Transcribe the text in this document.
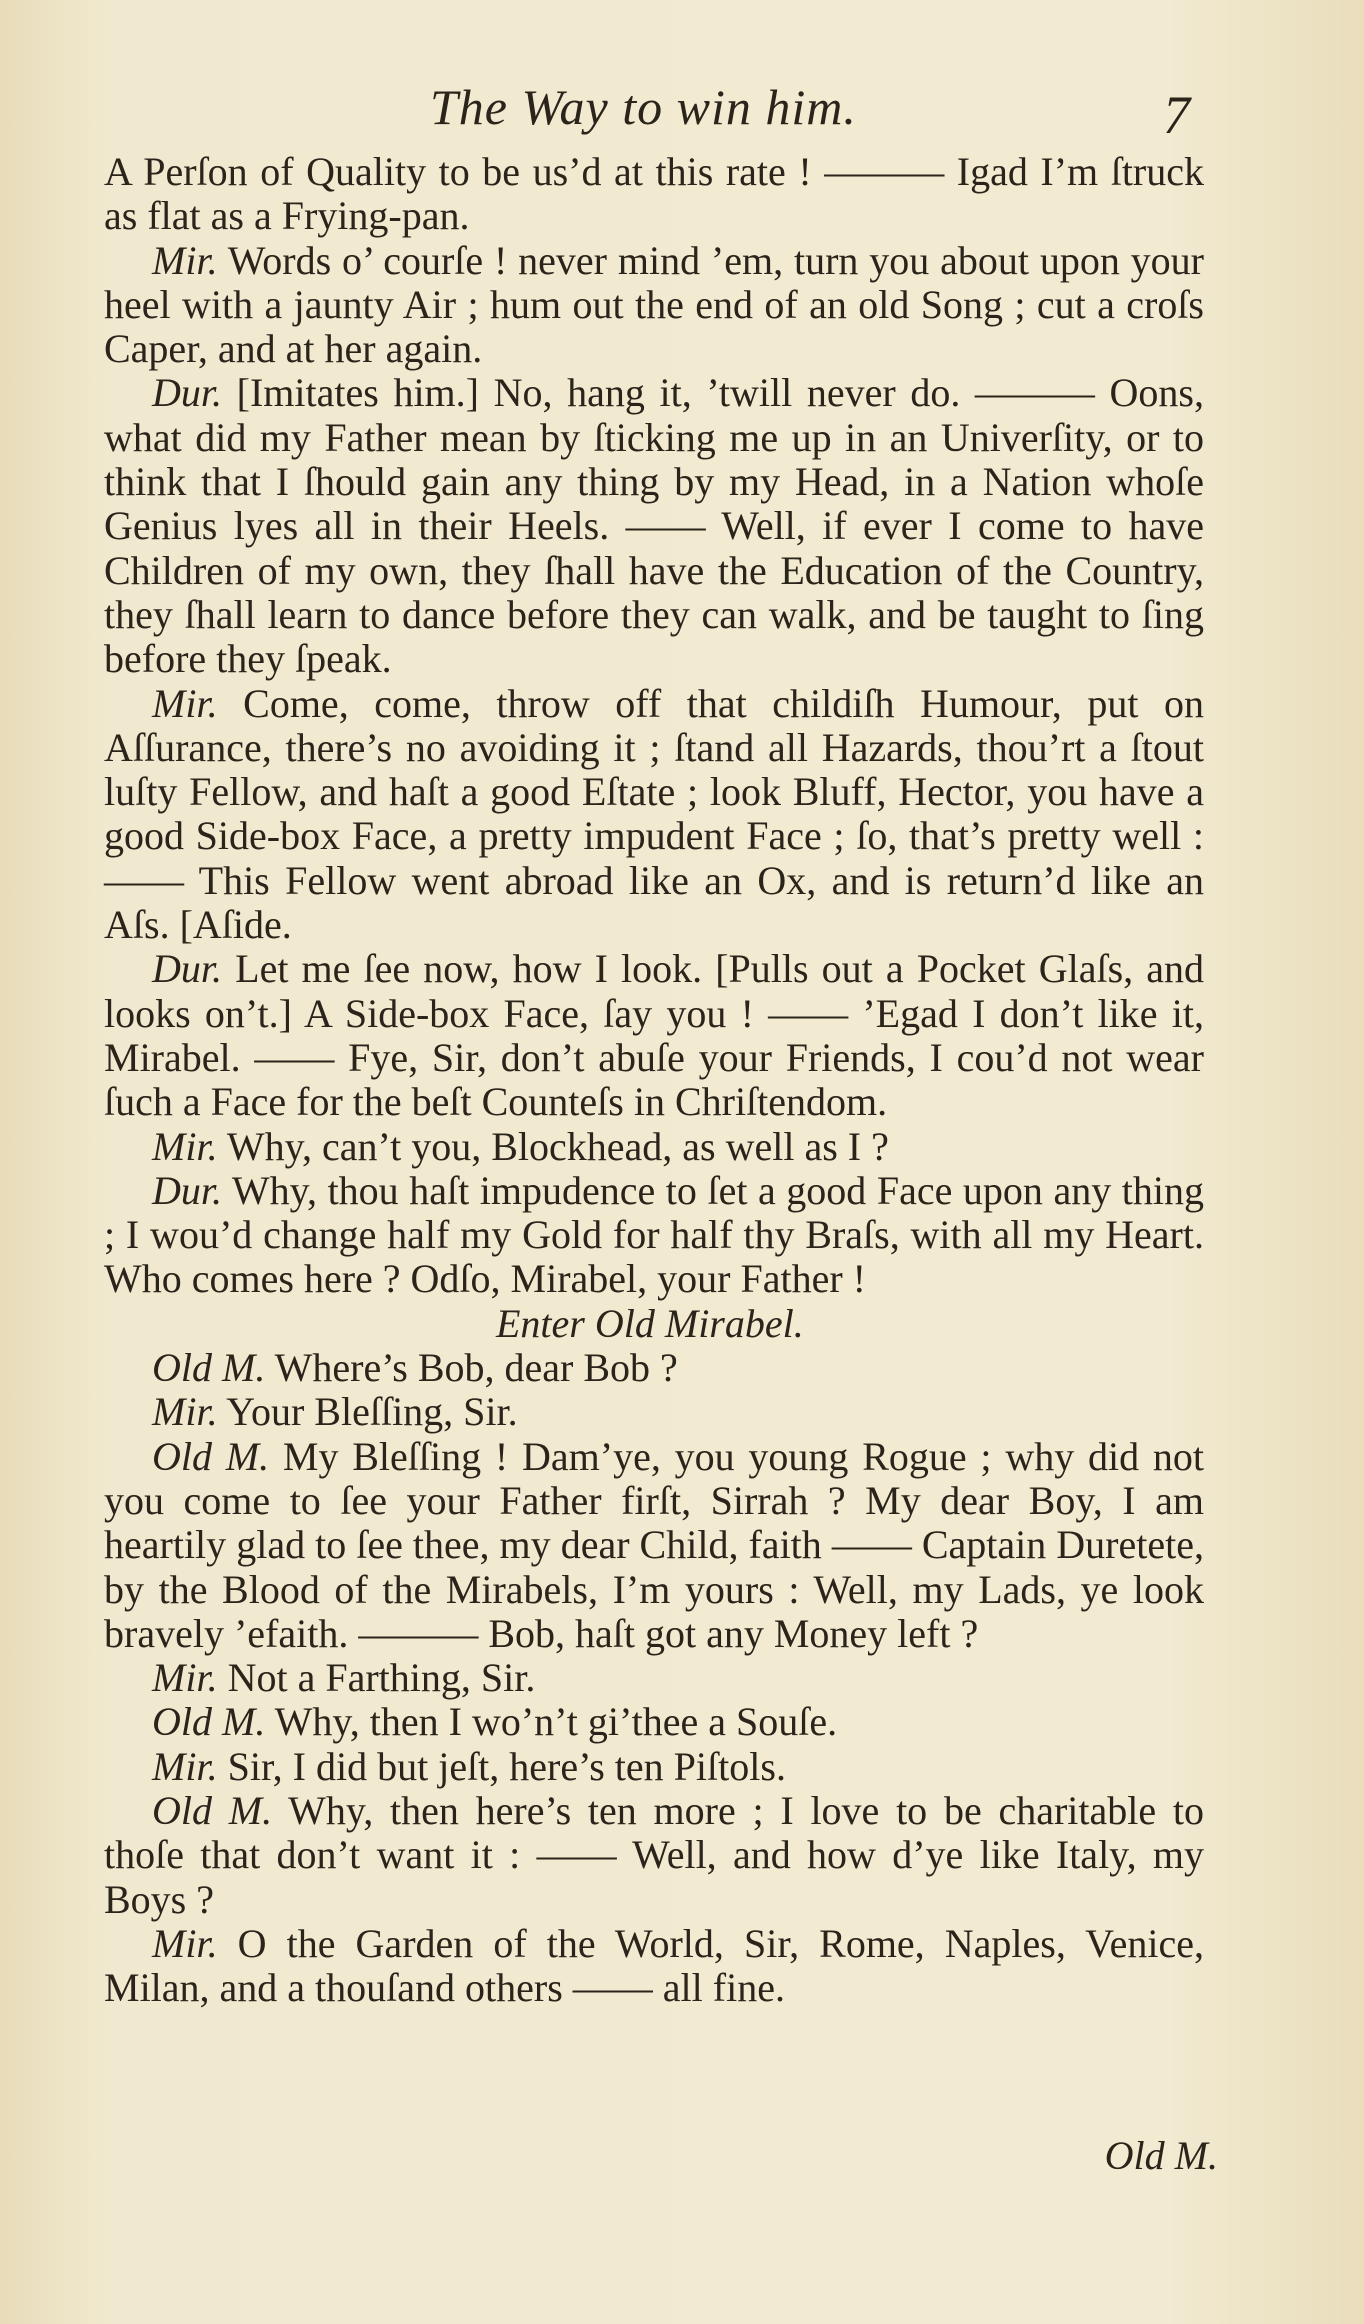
The Way to win him.	7

A Perſon of Quality to be us’d at this rate ! ——— Igad I’m ſtruck as flat as a Frying-pan.

Mir. Words o’ courſe ! never mind ’em, turn you about upon your heel with a jaunty Air ; hum out the end of an old Song ; cut a croſs Caper, and at her again.

Dur. [Imitates him.] No, hang it, ’twill never do. ——— Oons, what did my Father mean by ſticking me up in an Univerſity, or to think that I ſhould gain any thing by my Head, in a Nation whoſe Genius lyes all in their Heels. —— Well, if ever I come to have Children of my own, they ſhall have the Education of the Country, they ſhall learn to dance before they can walk, and be taught to ſing before they ſpeak.

Mir. Come, come, throw off that childiſh Humour, put on Aſſurance, there’s no avoiding it ; ſtand all Hazards, thou’rt a ſtout luſty Fellow, and haſt a good Eſtate ; look Bluff, Hector, you have a good Side-box Face, a pretty impudent Face ; ſo, that’s pretty well : —— This Fellow went abroad like an Ox, and is return’d like an Aſs. [Aſide.

Dur. Let me ſee now, how I look. [Pulls out a Pocket Glaſs, and looks on’t.] A Side-box Face, ſay you ! —— ’Egad I don’t like it, Mirabel. —— Fye, Sir, don’t abuſe your Friends, I cou’d not wear ſuch a Face for the beſt Counteſs in Chriſtendom.

Mir. Why, can’t you, Blockhead, as well as I ?

Dur. Why, thou haſt impudence to ſet a good Face upon any thing ; I wou’d change half my Gold for half thy Braſs, with all my Heart. Who comes here ? Odſo, Mirabel, your Father !

Enter Old Mirabel.

Old M. Where’s Bob, dear Bob ?

Mir. Your Bleſſing, Sir.

Old M. My Bleſſing ! Dam’ye, you young Rogue ; why did not you come to ſee your Father firſt, Sirrah ? My dear Boy, I am heartily glad to ſee thee, my dear Child, faith —— Captain Duretete, by the Blood of the Mirabels, I’m yours : Well, my Lads, ye look bravely ’efaith. ——— Bob, haſt got any Money left ?

Mir. Not a Farthing, Sir.

Old M. Why, then I wo’n’t gi’thee a Souſe.

Mir. Sir, I did but jeſt, here’s ten Piſtols.

Old M. Why, then here’s ten more ; I love to be charitable to thoſe that don’t want it : —— Well, and how d’ye like Italy, my Boys ?

Mir. O the Garden of the World, Sir, Rome, Naples, Venice, Milan, and a thouſand others —— all fine.

Old M.
